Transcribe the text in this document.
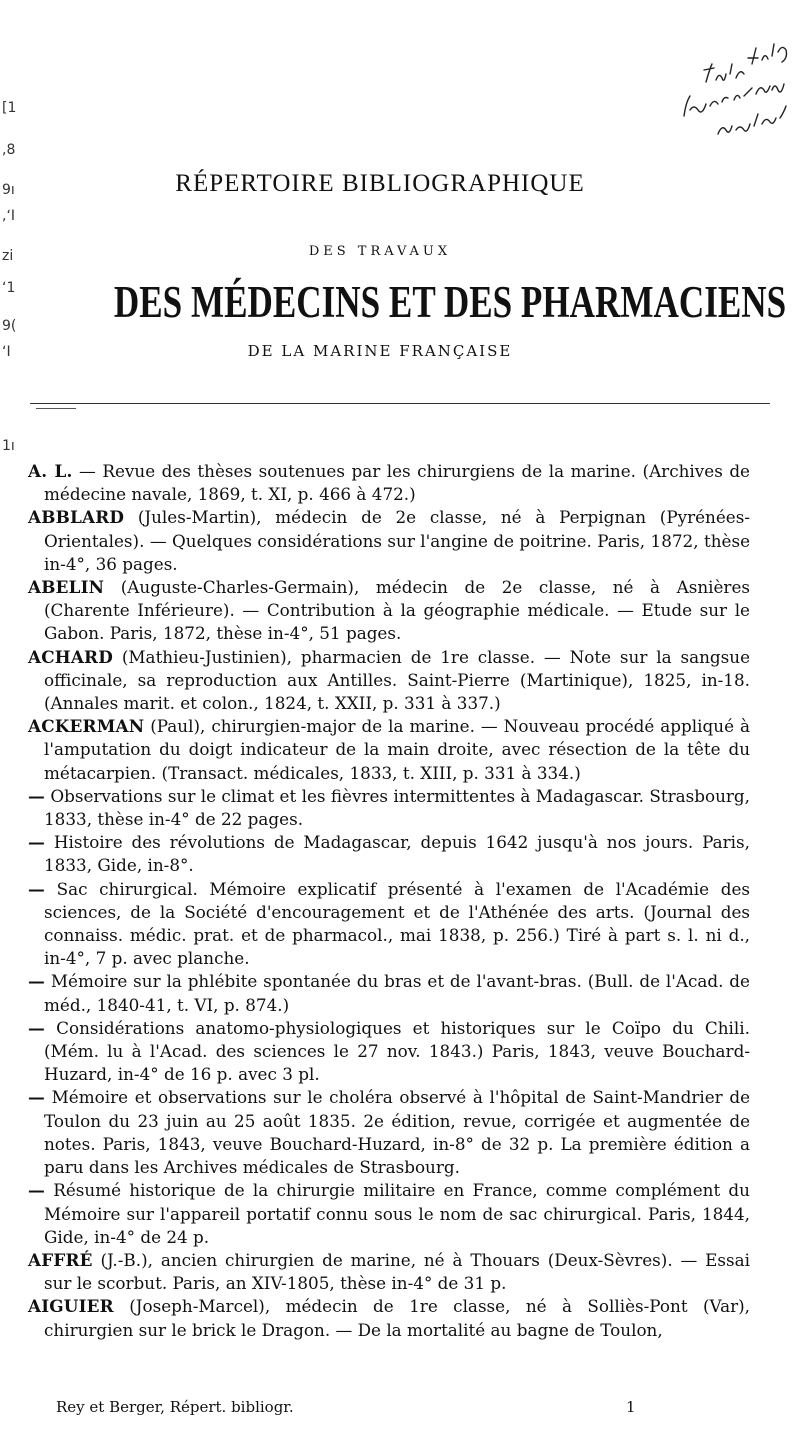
[1
,8
9ı
,ʻI
zi
ʻ1
9(
ʻI
1ı
RÉPERTOIRE BIBLIOGRAPHIQUE
DES TRAVAUX
DES MÉDECINS ET DES PHARMACIENS
DE LA MARINE FRANÇAISE

A. L. — Revue des thèses soutenues par les chirurgiens de la marine. (Archives de médecine navale, 1869, t. XI, p. 466 à 472.)

ABBLARD (Jules-Martin), médecin de 2e classe, né à Perpignan (Pyrénées-Orientales). — Quelques considérations sur l'angine de poitrine. Paris, 1872, thèse in-4°, 36 pages.

ABELIN (Auguste-Charles-Germain), médecin de 2e classe, né à Asnières (Charente Inférieure). — Contribution à la géographie médicale. — Etude sur le Gabon. Paris, 1872, thèse in-4°, 51 pages.

ACHARD (Mathieu-Justinien), pharmacien de 1re classe. — Note sur la sangsue officinale, sa reproduction aux Antilles. Saint-Pierre (Martinique), 1825, in-18. (Annales marit. et colon., 1824, t. XXII, p. 331 à 337.)

ACKERMAN (Paul), chirurgien-major de la marine. — Nouveau procédé appliqué à l'amputation du doigt indicateur de la main droite, avec résection de la tête du métacarpien. (Transact. médicales, 1833, t. XIII, p. 331 à 334.)

— Observations sur le climat et les fièvres intermittentes à Madagascar. Strasbourg, 1833, thèse in-4° de 22 pages.

— Histoire des révolutions de Madagascar, depuis 1642 jusqu'à nos jours. Paris, 1833, Gide, in-8°.

— Sac chirurgical. Mémoire explicatif présenté à l'examen de l'Académie des sciences, de la Société d'encouragement et de l'Athénée des arts. (Journal des connaiss. médic. prat. et de pharmacol., mai 1838, p. 256.) Tiré à part s. l. ni d., in-4°, 7 p. avec planche.

— Mémoire sur la phlébite spontanée du bras et de l'avant-bras. (Bull. de l'Acad. de méd., 1840-41, t. VI, p. 874.)

— Considérations anatomo-physiologiques et historiques sur le Coïpo du Chili. (Mém. lu à l'Acad. des sciences le 27 nov. 1843.) Paris, 1843, veuve Bouchard-Huzard, in-4° de 16 p. avec 3 pl.

— Mémoire et observations sur le choléra observé à l'hôpital de Saint-Mandrier de Toulon du 23 juin au 25 août 1835. 2e édition, revue, corrigée et augmentée de notes. Paris, 1843, veuve Bouchard-Huzard, in-8° de 32 p. La première édition a paru dans les Archives médicales de Strasbourg.

— Résumé historique de la chirurgie militaire en France, comme complément du Mémoire sur l'appareil portatif connu sous le nom de sac chirurgical. Paris, 1844, Gide, in-4° de 24 p.

AFFRÉ (J.-B.), ancien chirurgien de marine, né à Thouars (Deux-Sèvres). — Essai sur le scorbut. Paris, an XIV-1805, thèse in-4° de 31 p.

AIGUIER (Joseph-Marcel), médecin de 1re classe, né à Solliès-Pont (Var), chirurgien sur le brick le Dragon. — De la mortalité au bagne de Toulon,

Rey et Berger, Répert. bibliogr.	1
